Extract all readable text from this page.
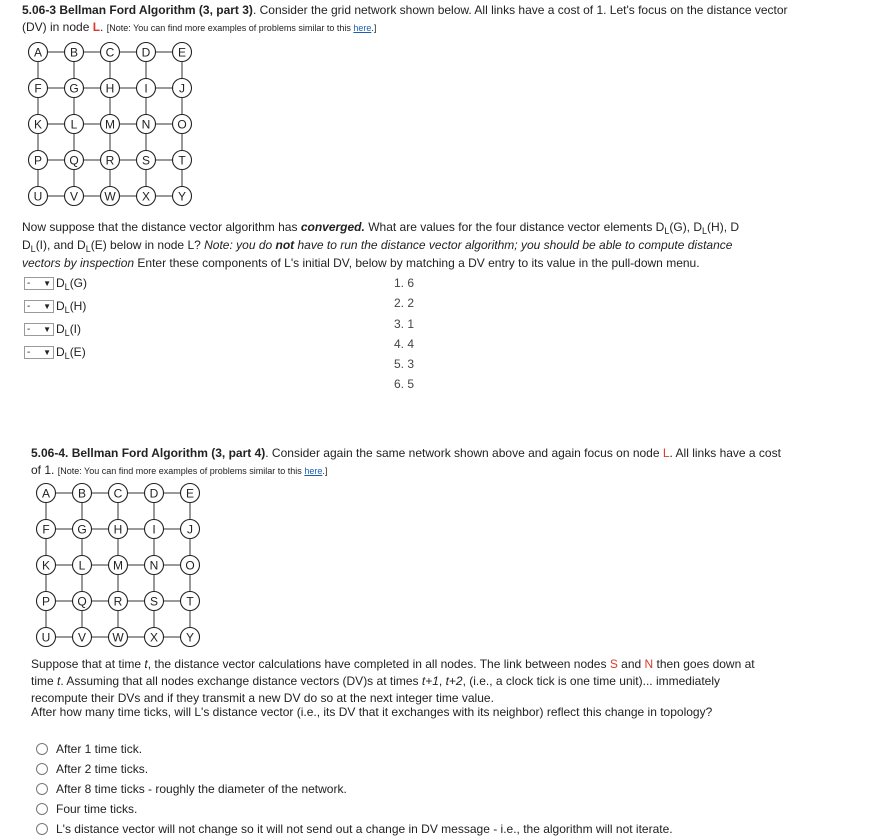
5.06-3 Bellman Ford Algorithm (3, part 3). Consider the grid network shown below. All links have a cost of 1. Let's focus on the distance vector (DV) in node L. [Note: You can find more examples of problems similar to this here.]
A B C D E
F G H I	J
K L M N O
P Q R S T
U V W X Y
Now suppose that the distance vector algorithm has converged. What are values for the four distance vector elements $D_L(G)$, $D_L(H)$, D
$D_L(I)$, and $D_L(E)$ below in node L? Note: you do not have to run the distance vector algorithm; you should be able to compute distance vectors by inspection Enter these components of L's initial DV, below by matching a DV entry to its value in the pull-down menu.
- ▼ $D_L(G)$
- ▼ $D_L(H)$
- ▼ $D_L(I)$
- ▼ $D_L(E)$
1. 6
2. 2
3. 1
4. 4
5. 3
6. 5
5.06-4. Bellman Ford Algorithm (3, part 4). Consider again the same network shown above and again focus on node L. All links have a cost of 1. [Note: You can find more examples of problems similar to this here.]
A B C D E
F G H I	J
K L M N O
P Q R S T
U V W X Y
Suppose that at time t, the distance vector calculations have completed in all nodes. The link between nodes S and N then goes down at time t. Assuming that all nodes exchange distance vectors (DV)s at times t+1, t+2, (i.e., a clock tick is one time unit)... immediately recompute their DVs and if they transmit a new DV do so at the next integer time value.
After how many time ticks, will L's distance vector (i.e., its DV that it exchanges with its neighbor) reflect this change in topology?
After 1 time tick.
After 2 time ticks.
After 8 time ticks - roughly the diameter of the network.
Four time ticks.
L's distance vector will not change so it will not send out a change in DV message - i.e., the algorithm will not iterate.
